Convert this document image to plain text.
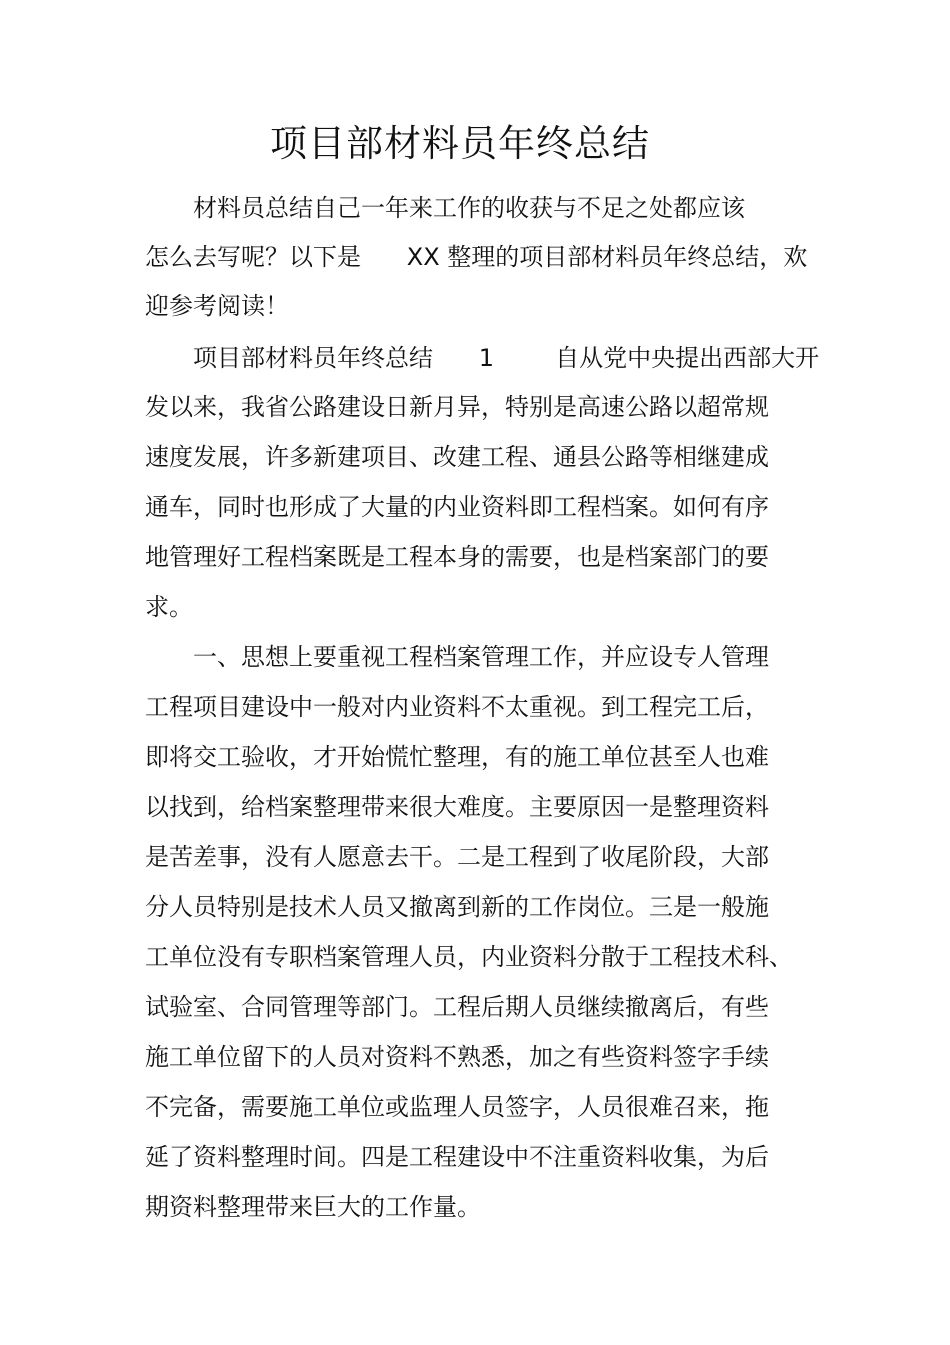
项目部材料员年终总结

材料员总结自己一年来工作的收获与不足之处都应该

怎么去写呢？以下是      XX 整理的项目部材料员年终总结，欢

迎参考阅读！

项目部材料员年终总结      1        自从党中央提出西部大开

发以来，我省公路建设日新月异，特别是高速公路以超常规

速度发展，许多新建项目、改建工程、通县公路等相继建成

通车，同时也形成了大量的内业资料即工程档案。如何有序

地管理好工程档案既是工程本身的需要，也是档案部门的要

求。

一、思想上要重视工程档案管理工作，并应设专人管理

工程项目建设中一般对内业资料不太重视。到工程完工后，

即将交工验收，才开始慌忙整理，有的施工单位甚至人也难

以找到，给档案整理带来很大难度。主要原因一是整理资料

是苦差事，没有人愿意去干。二是工程到了收尾阶段，大部

分人员特别是技术人员又撤离到新的工作岗位。三是一般施

工单位没有专职档案管理人员，内业资料分散于工程技术科、

试验室、合同管理等部门。工程后期人员继续撤离后，有些

施工单位留下的人员对资料不熟悉，加之有些资料签字手续

不完备，需要施工单位或监理人员签字，人员很难召来，拖

延了资料整理时间。四是工程建设中不注重资料收集，为后

期资料整理带来巨大的工作量。
